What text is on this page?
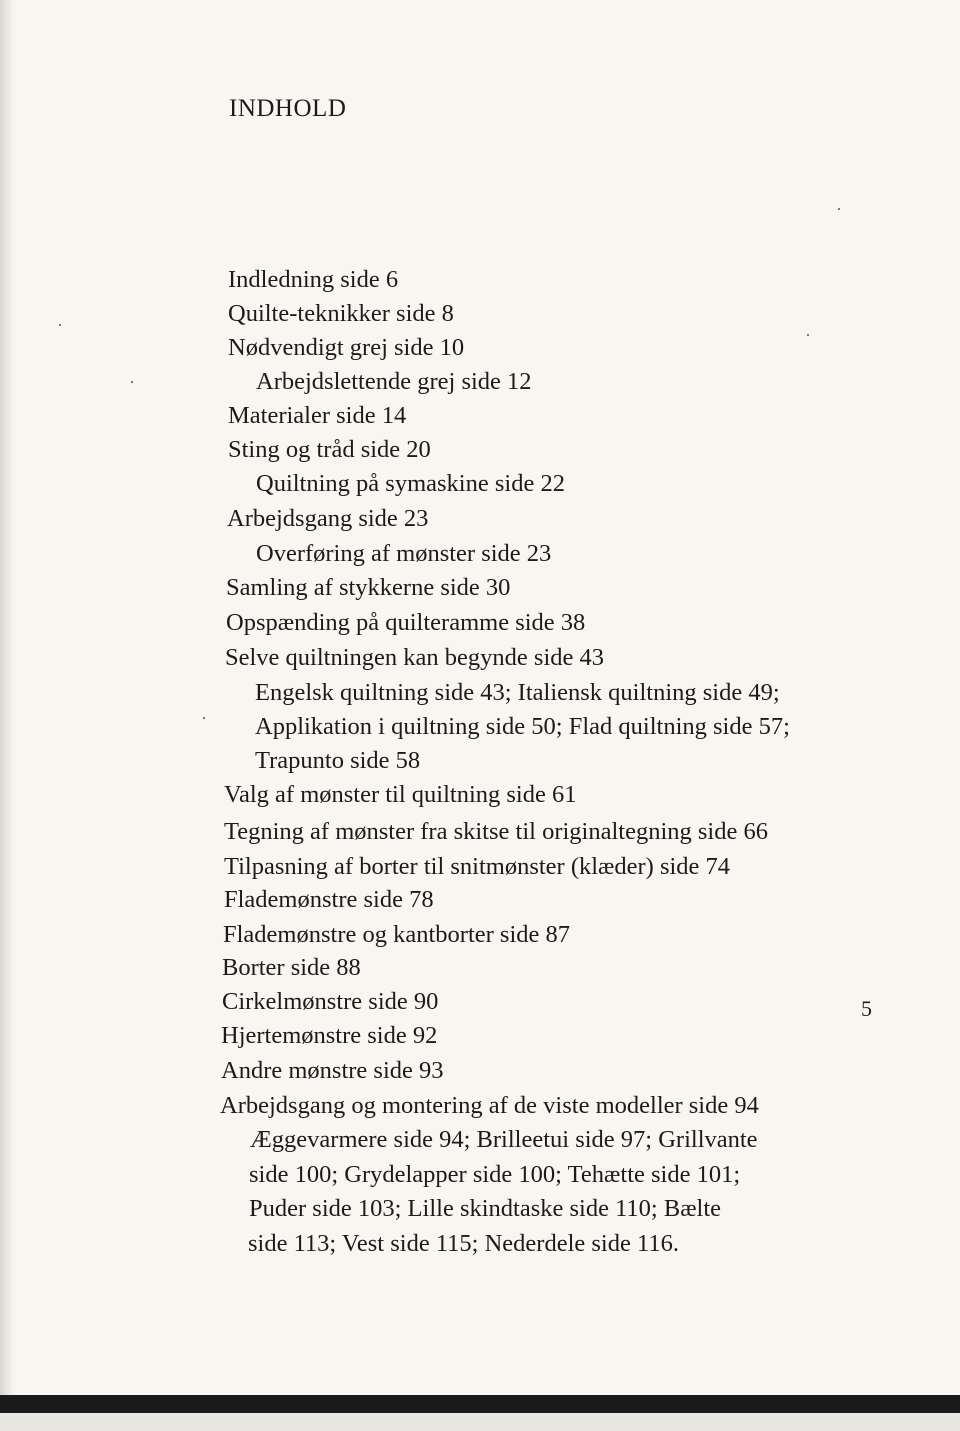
INDHOLD
Indledning side 6
Quilte-teknikker side 8
Nødvendigt grej side 10
Arbejdslettende grej side 12
Materialer side 14
Sting og tråd side 20
Quiltning på symaskine side 22
Arbejdsgang side 23
Overføring af mønster side 23
Samling af stykkerne side 30
Opspænding på quilteramme side 38
Selve quiltningen kan begynde side 43
Engelsk quiltning side 43; Italiensk quiltning side 49;
Applikation i quiltning side 50; Flad quiltning side 57;
Trapunto side 58
Valg af mønster til quiltning side 61
Tegning af mønster fra skitse til originaltegning side 66
Tilpasning af borter til snitmønster (klæder) side 74
Flademønstre side 78
Flademønstre og kantborter side 87
Borter side 88
Cirkelmønstre side 90
Hjertemønstre side 92
Andre mønstre side 93
Arbejdsgang og montering af de viste modeller side 94
Æggevarmere side 94; Brilleetui side 97; Grillvante
side 100; Grydelapper side 100; Tehætte side 101;
Puder side 103; Lille skindtaske side 110; Bælte
side 113; Vest side 115; Nederdele side 116.
5
